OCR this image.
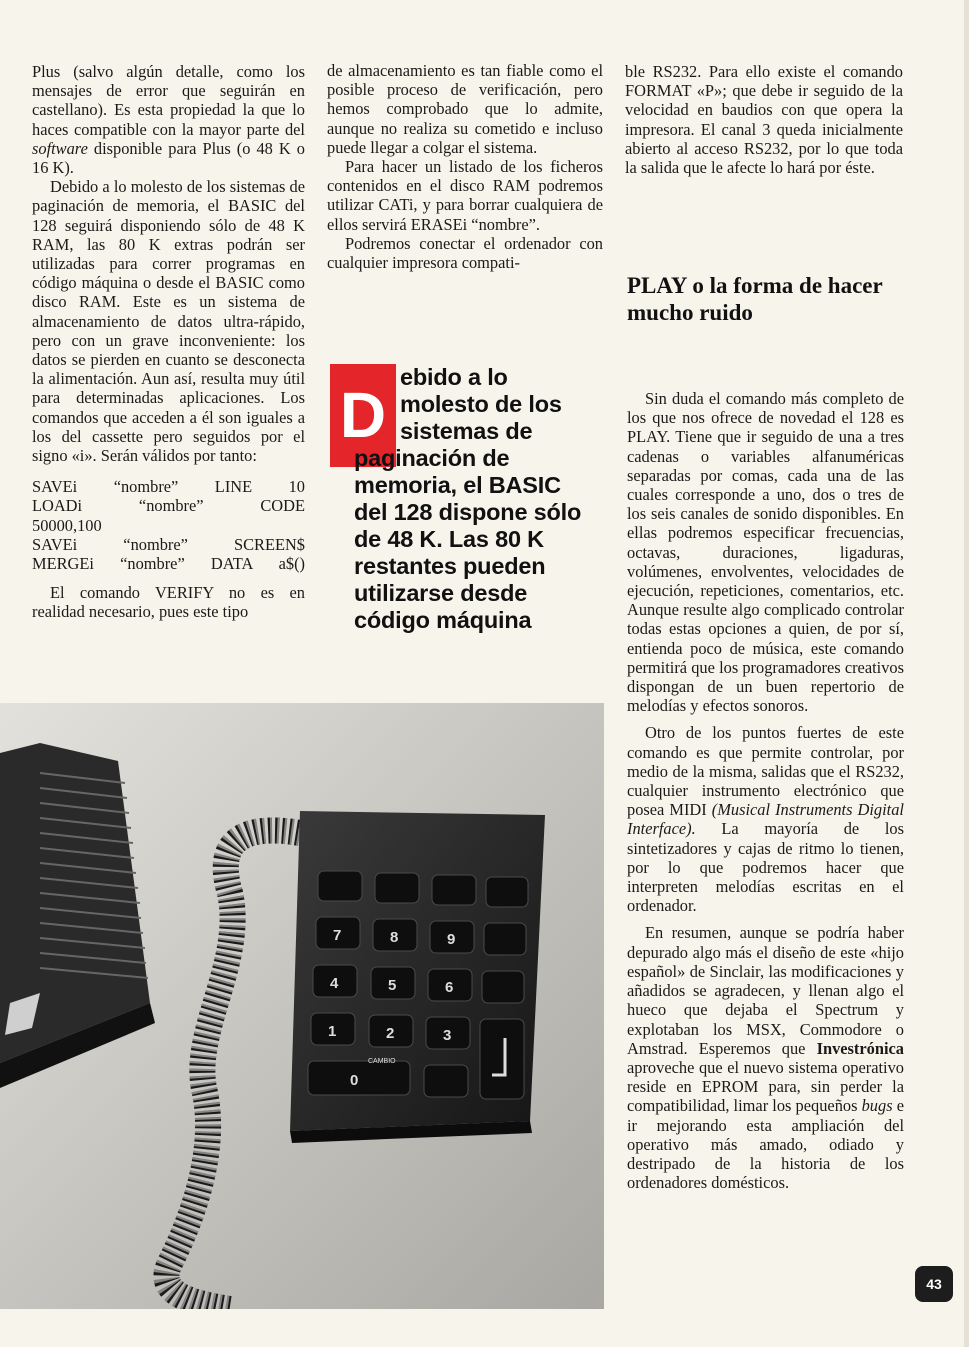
Plus (salvo algún detalle, como los mensajes de error que seguirán en castellano). Es esta propiedad la que lo haces compatible con la mayor parte del software disponible para Plus (o 48 K o 16 K).

Debido a lo molesto de los sistemas de paginación de memoria, el BASIC del 128 seguirá disponiendo sólo de 48 K RAM, las 80 K extras podrán ser utilizadas para correr programas en código máquina o desde el BASIC como disco RAM. Este es un sistema de almacenamiento de datos ultra-rápido, pero con un grave inconveniente: los datos se pierden en cuanto se desconecta la alimentación. Aun así, resulta muy útil para determinadas aplicaciones. Los comandos que acceden a él son iguales a los del cassette pero seguidos por el signo «i». Serán válidos por tanto:

SAVEi “nombre” LINE 10
LOADi “nombre” CODE
50000,100
SAVEi “nombre” SCREEN$
MERGEi “nombre” DATA a$()

El comando VERIFY no es en realidad necesario, pues este tipo

de almacenamiento es tan fiable como el posible proceso de verificación, pero hemos comprobado que lo admite, aunque no realiza su cometido e incluso puede llegar a colgar el sistema.

Para hacer un listado de los ficheros contenidos en el disco RAM podremos utilizar CATi, y para borrar cualquiera de ellos servirá ERASEi “nombre”.

Podremos conectar el ordenador con cualquier impresora compati-

D
ebido a lo
molesto de los
sistemas de
paginación de
memoria, el BASIC
del 128 dispone sólo
de 48 K. Las 80 K
restantes pueden
utilizarse desde
código máquina

ble RS232. Para ello existe el comando FORMAT «P»; que debe ir seguido de la velocidad en baudios con que opera la impresora. El canal 3 queda inicialmente abierto al acceso RS232, por lo que toda la salida que le afecte lo hará por éste.

PLAY o la forma de hacer mucho ruido

Sin duda el comando más completo de los que nos ofrece de novedad el 128 es PLAY. Tiene que ir seguido de una a tres cadenas o variables alfanuméricas separadas por comas, cada una de las cuales corresponde a uno, dos o tres de los seis canales de sonido disponibles. En ellas podremos especificar frecuencias, octavas, duraciones, ligaduras, volúmenes, envolventes, velocidades de ejecución, repeticiones, comentarios, etc. Aunque resulte algo complicado controlar todas estas opciones a quien, de por sí, entienda poco de música, este comando permitirá que los programadores creativos dispongan de un buen repertorio de melodías y efectos sonoros.

Otro de los puntos fuertes de este comando es que permite controlar, por medio de la misma, salidas que el RS232, cualquier instrumento electrónico que posea MIDI (Musical Instruments Digital Interface). La mayoría de los sintetizadores y cajas de ritmo lo tienen, por lo que podremos hacer que interpreten melodías escritas en el ordenador.

En resumen, aunque se podría haber depurado algo más el diseño de este «hijo español» de Sinclair, las modificaciones y añadidos se agradecen, y llenan algo el hueco que dejaba el Spectrum y explotaban los MSX, Commodore o Amstrad. Esperemos que Investrónica aproveche que el nuevo sistema operativo reside en EPROM para, sin perder la compatibilidad, limar los pequeños bugs e ir mejorando esta ampliación del operativo más amado, odiado y destripado de la historia de los ordenadores domésticos.

7	8	9
4	5	6
1	2	3
0
CAMBIO
43
